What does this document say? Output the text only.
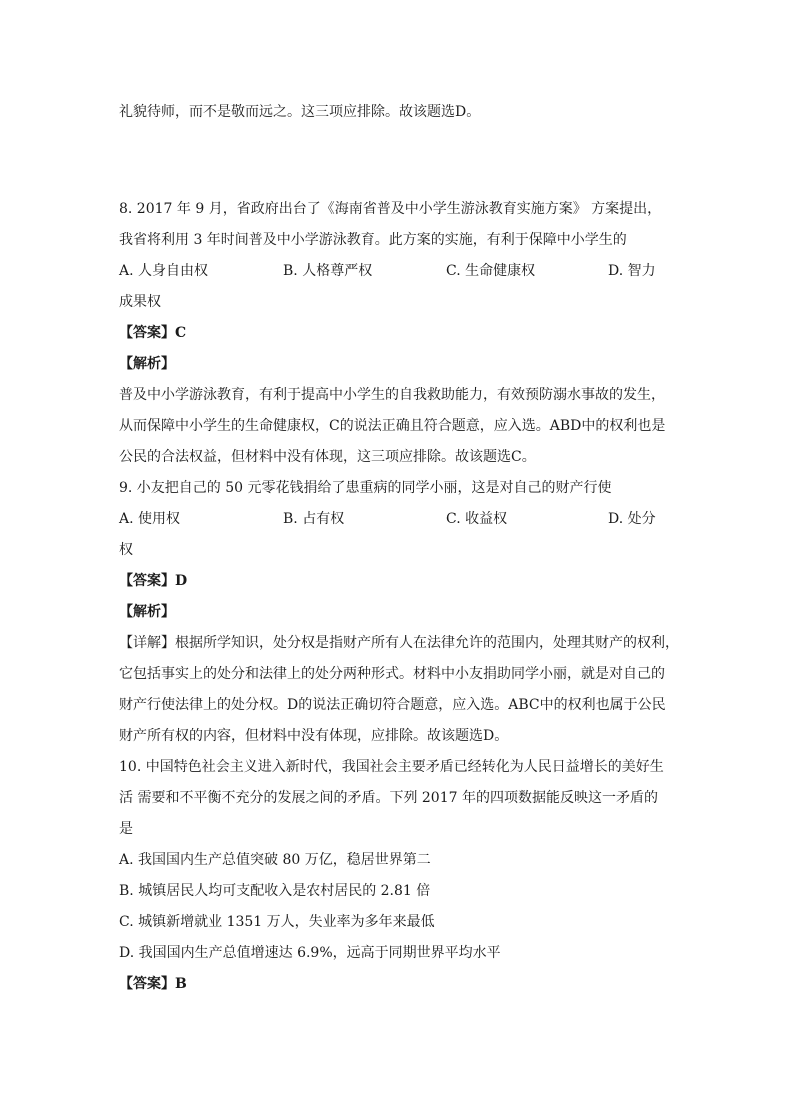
礼貌待师，而不是敬而远之。这三项应排除。故该题选D。
8. 2017 年 9 月，省政府出台了《海南省普及中小学生游泳教育实施方案》 方案提出，
我省将利用 3 年时间普及中小学游泳教育。此方案的实施，有利于保障中小学生的
A. 人身自由权	B. 人格尊严权	C. 生命健康权	D. 智力
成果权
【答案】C
【解析】
普及中小学游泳教育，有利于提高中小学生的自我救助能力，有效预防溺水事故的发生，
从而保障中小学生的生命健康权，C的说法正确且符合题意，应入选。ABD中的权利也是
公民的合法权益，但材料中没有体现，这三项应排除。故该题选C。
9. 小友把自己的 50 元零花钱捐给了患重病的同学小丽，这是对自己的财产行使
A. 使用权	B. 占有权	C. 收益权	D. 处分
权
【答案】D
【解析】
【详解】根据所学知识，处分权是指财产所有人在法律允许的范围内，处理其财产的权利，
它包括事实上的处分和法律上的处分两种形式。材料中小友捐助同学小丽，就是对自己的
财产行使法律上的处分权。D的说法正确切符合题意，应入选。ABC中的权利也属于公民
财产所有权的内容，但材料中没有体现，应排除。故该题选D。
10. 中国特色社会主义进入新时代，我国社会主要矛盾已经转化为人民日益增长的美好生
活 需要和不平衡不充分的发展之间的矛盾。下列 2017 年的四项数据能反映这一矛盾的
是
A. 我国国内生产总值突破 80 万亿，稳居世界第二
B. 城镇居民人均可支配收入是农村居民的 2.81 倍
C. 城镇新增就业 1351 万人，失业率为多年来最低
D. 我国国内生产总值增速达 6.9%，远高于同期世界平均水平
【答案】B
